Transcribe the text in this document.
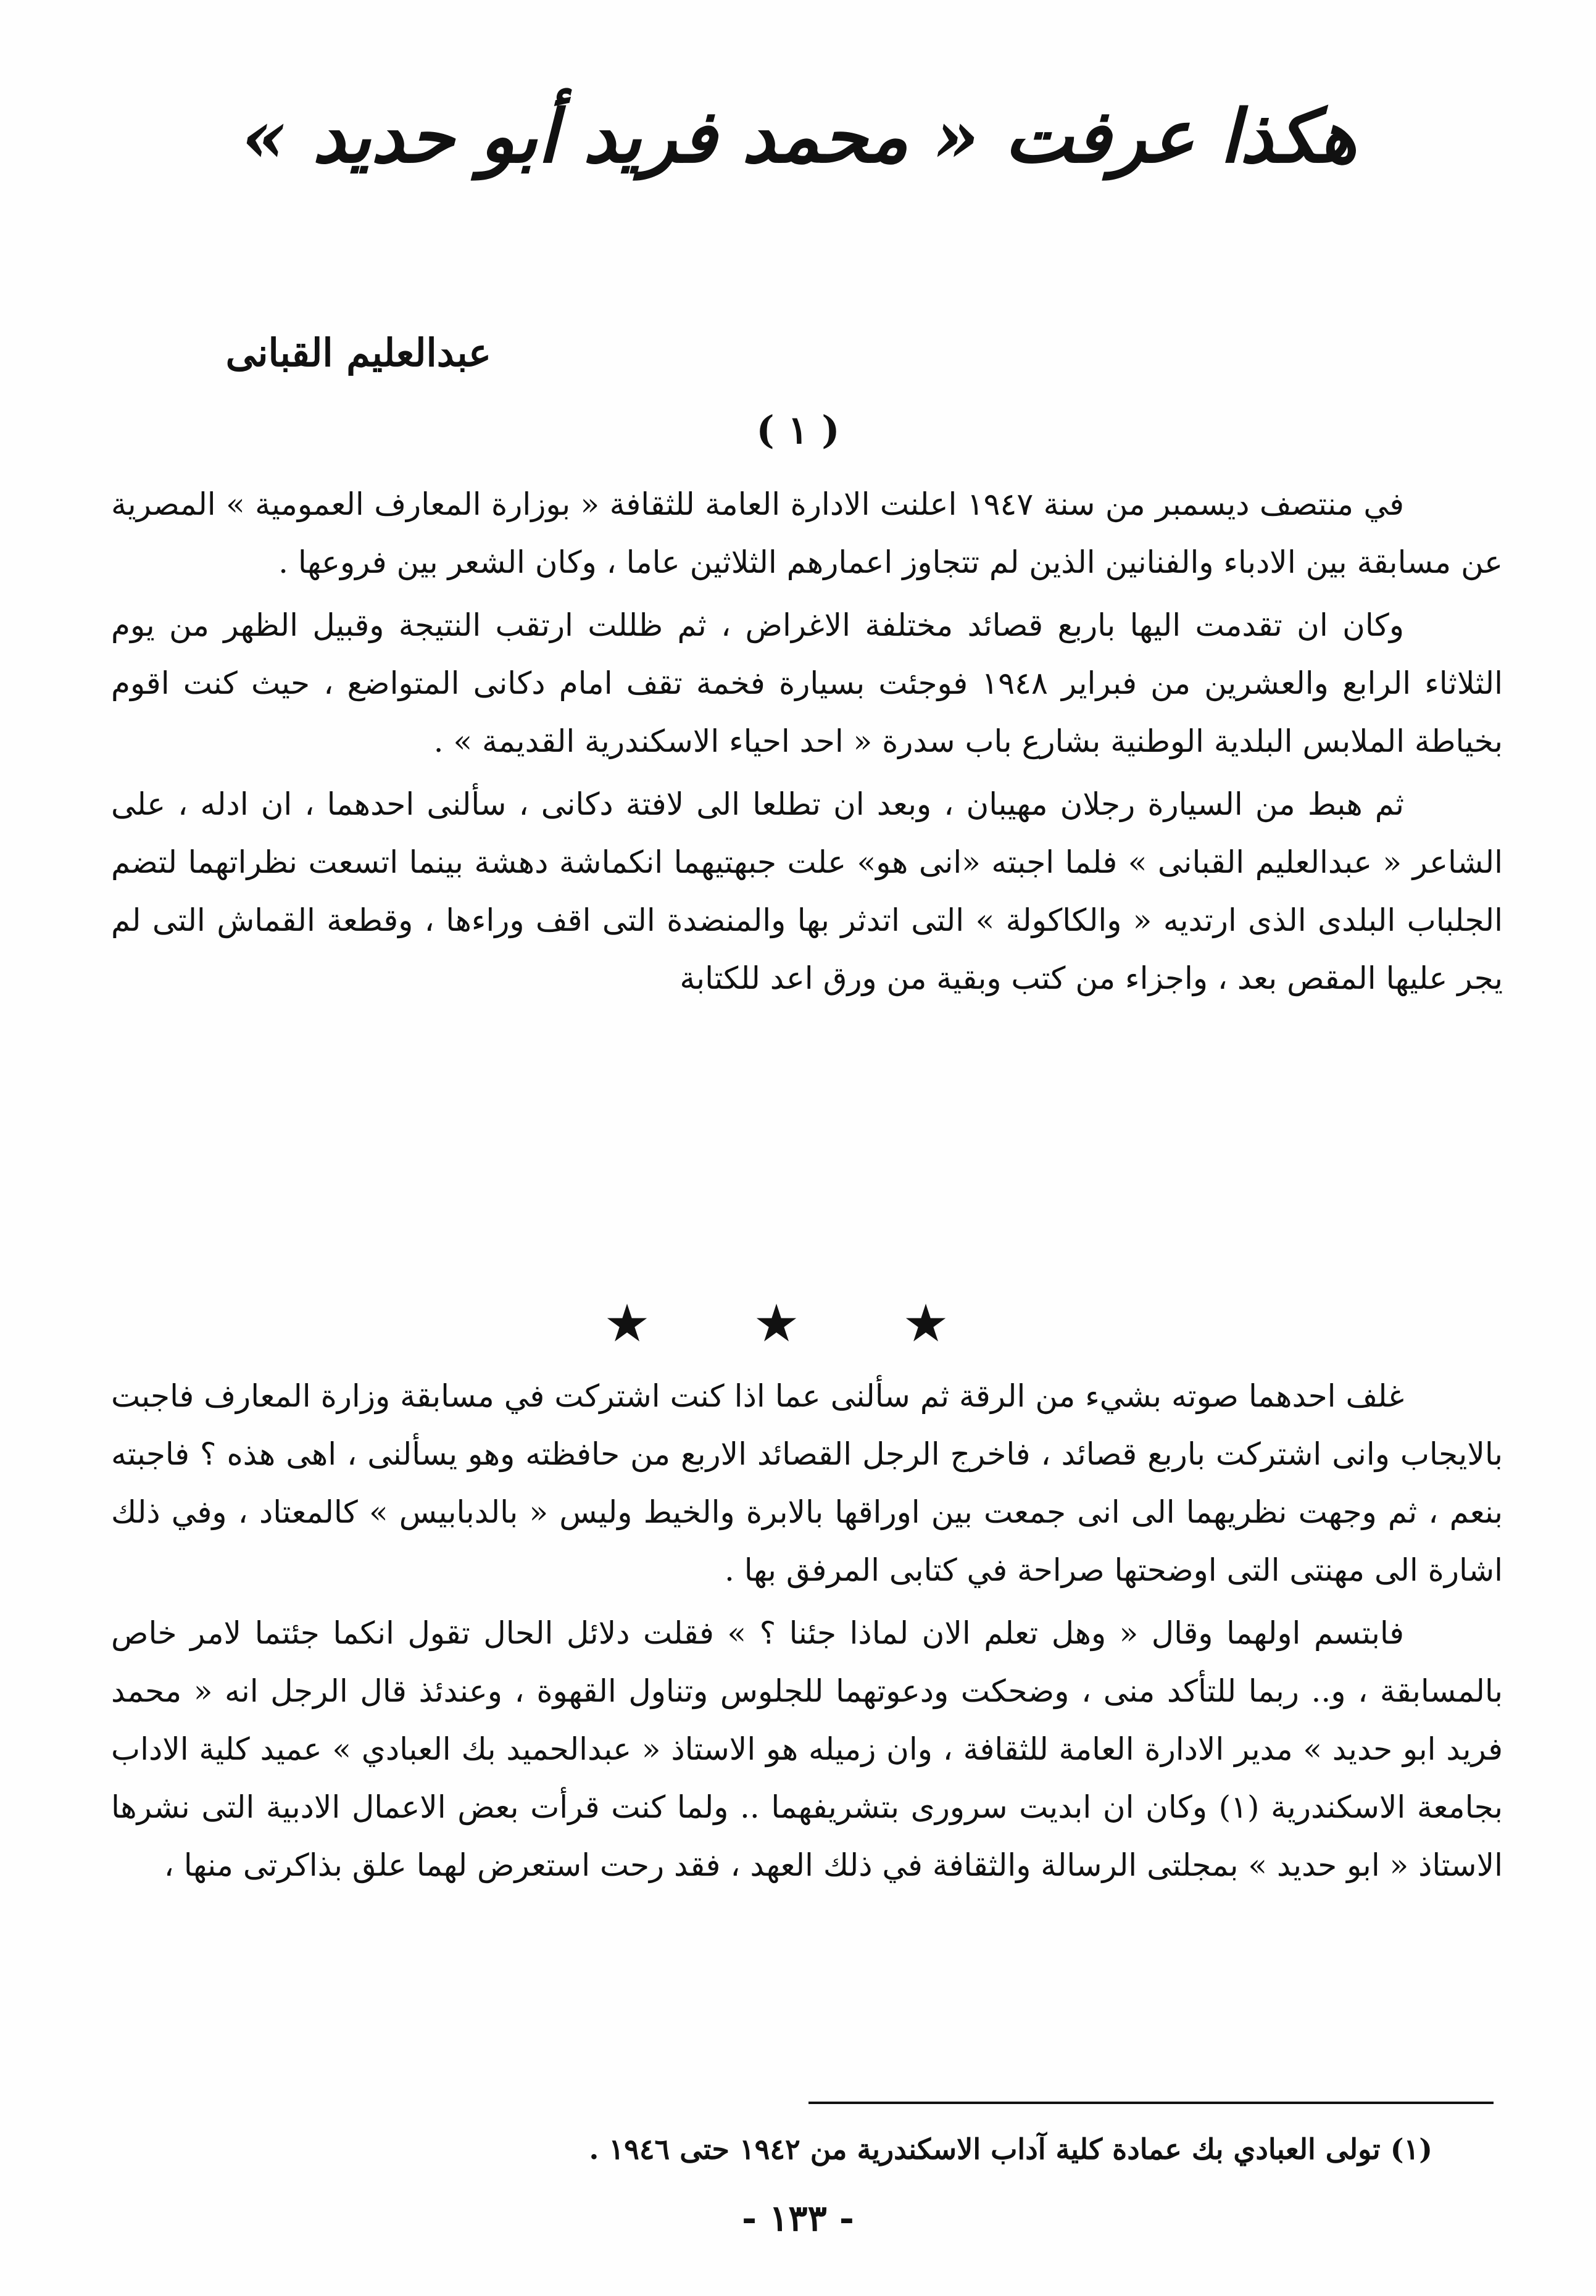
هكذا عرفت « محمد فريد أبو حديد »
عبدالعليم القبانى
( ١ )

في منتصف ديسمبر من سنة ١٩٤٧ اعلنت الادارة العامة للثقافة « بوزارة المعارف العمومية » المصرية عن مسابقة بين الادباء والفنانين الذين لم تتجاوز اعمارهم الثلاثين عاما ، وكان الشعر بين فروعها .

وكان ان تقدمت اليها باربع قصائد مختلفة الاغراض ، ثم ظللت ارتقب النتيجة وقبيل الظهر من يوم الثلاثاء الرابع والعشرين من فبراير ١٩٤٨ فوجئت بسيارة فخمة تقف امام دكانى المتواضع ، حيث كنت اقوم بخياطة الملابس البلدية الوطنية بشارع باب سدرة « احد احياء الاسكندرية القديمة » .

ثم هبط من السيارة رجلان مهيبان ، وبعد ان تطلعا الى لافتة دكانى ، سألنى احدهما ، ان ادله ، على الشاعر « عبدالعليم القبانى » فلما اجبته «انى هو» علت جبهتيهما انكماشة دهشة بينما اتسعت نظراتهما لتضم الجلباب البلدى الذى ارتديه « والكاكولة » التى اتدثر بها والمنضدة التى اقف وراءها ، وقطعة القماش التى لم يجر عليها المقص بعد ، واجزاء من كتب وبقية من ورق اعد للكتابة

★ ★ ★

غلف احدهما صوته بشيء من الرقة ثم سألنى عما اذا كنت اشتركت في مسابقة وزارة المعارف فاجبت بالايجاب وانى اشتركت باربع قصائد ، فاخرج الرجل القصائد الاربع من حافظته وهو يسألنى ، اهى هذه ؟ فاجبته بنعم ، ثم وجهت نظريهما الى انى جمعت بين اوراقها بالابرة والخيط وليس « بالدبابيس » كالمعتاد ، وفي ذلك اشارة الى مهنتى التى اوضحتها صراحة في كتابى المرفق بها .

فابتسم اولهما وقال « وهل تعلم الان لماذا جئنا ؟ » فقلت دلائل الحال تقول انكما جئتما لامر خاص بالمسابقة ، و.. ربما للتأكد منى ، وضحكت ودعوتهما للجلوس وتناول القهوة ، وعندئذ قال الرجل انه « محمد فريد ابو حديد » مدير الادارة العامة للثقافة ، وان زميله هو الاستاذ « عبدالحميد بك العبادي » عميد كلية الاداب بجامعة الاسكندرية (١) وكان ان ابديت سرورى بتشريفهما .. ولما كنت قرأت بعض الاعمال الادبية التى نشرها الاستاذ « ابو حديد » بمجلتى الرسالة والثقافة في ذلك العهد ، فقد رحت استعرض لهما علق بذاكرتى منها ،

(١) تولى العبادي بك عمادة كلية آداب الاسكندرية من ١٩٤٢ حتى ١٩٤٦ .
- ١٣٣ -
